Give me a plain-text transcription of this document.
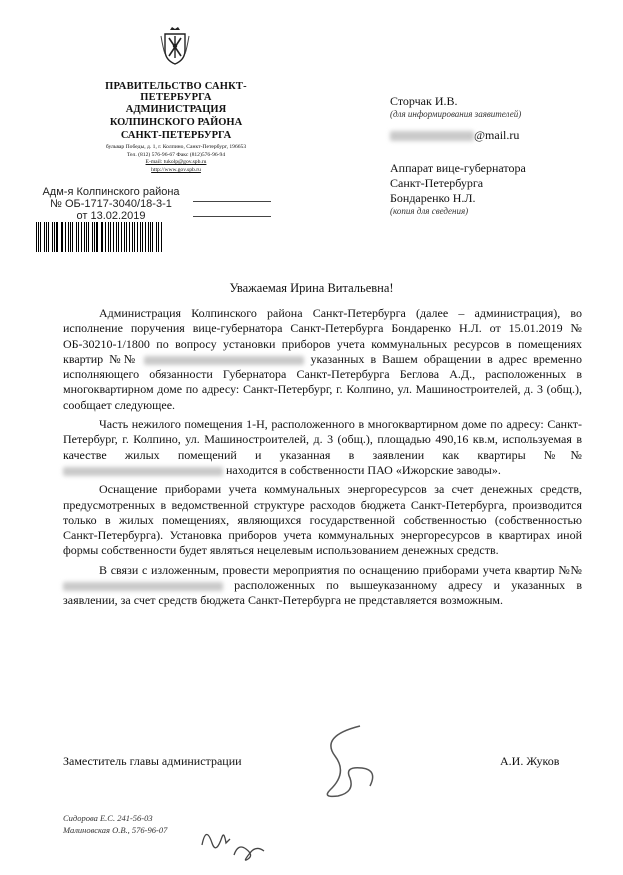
ПРАВИТЕЛЬСТВО САНКТ-ПЕТЕРБУРГА
АДМИНИСТРАЦИЯ
КОЛПИНСКОГО РАЙОНА
САНКТ-ПЕТЕРБУРГА
бульвар Победы, д. 1, г. Колпино, Санкт-Петербург, 196653
Тел. (812) 576-96-67 Факс (812)576-96-94
E-mail: tukolp@gov.spb.ru
http://www.gov.spb.ru
Адм-я Колпинского района
№ ОБ-1717-3040/18-3-1
от 13.02.2019
Сторчак И.В.
(для информирования заявителей)
@mail.ru
Аппарат вице-губернатора
Санкт-Петербурга
Бондаренко Н.Л.
(копия для сведения)
Уважаемая Ирина Витальевна!

Администрация Колпинского района Санкт-Петербурга (далее – администрация), во исполнение поручения вице-губернатора Санкт-Петербурга Бондаренко Н.Л. от 15.01.2019 № ОБ-30210-1/1800 по вопросу установки приборов учета коммунальных ресурсов в помещениях квартир №№	указанных в Вашем обращении в адрес временно исполняющего обязанности Губернатора Санкт-Петербурга Беглова А.Д., расположенных в многоквартирном доме по адресу: Санкт-Петербург, г. Колпино, ул. Машиностроителей, д. 3 (общ.), сообщает следующее.

Часть нежилого помещения 1-Н, расположенного в многоквартирном доме по адресу: Санкт-Петербург, г. Колпино, ул. Машиностроителей, д. 3 (общ.), площадью 490,16 кв.м, используемая в качестве жилых помещений и указанная в заявлении как квартиры №№  находится в собственности ПАО «Ижорские заводы».

Оснащение приборами учета коммунальных энергоресурсов за счет денежных средств, предусмотренных в ведомственной структуре расходов бюджета Санкт-Петербурга, производится только в жилых помещениях, являющихся государственной собственностью (собственностью Санкт-Петербурга). Установка приборов учета коммунальных энергоресурсов в квартирах иной формы собственности будет являться нецелевым использованием денежных средств.

В связи с изложенным, провести мероприятия по оснащению приборами учета квартир №№  расположенных по вышеуказанному адресу и указанных в заявлении, за счет средств бюджета Санкт-Петербурга не представляется возможным.

Заместитель главы администрации	А.И. Жуков
Сидорова Е.С. 241-56-03
Малиновская О.В., 576-96-07
